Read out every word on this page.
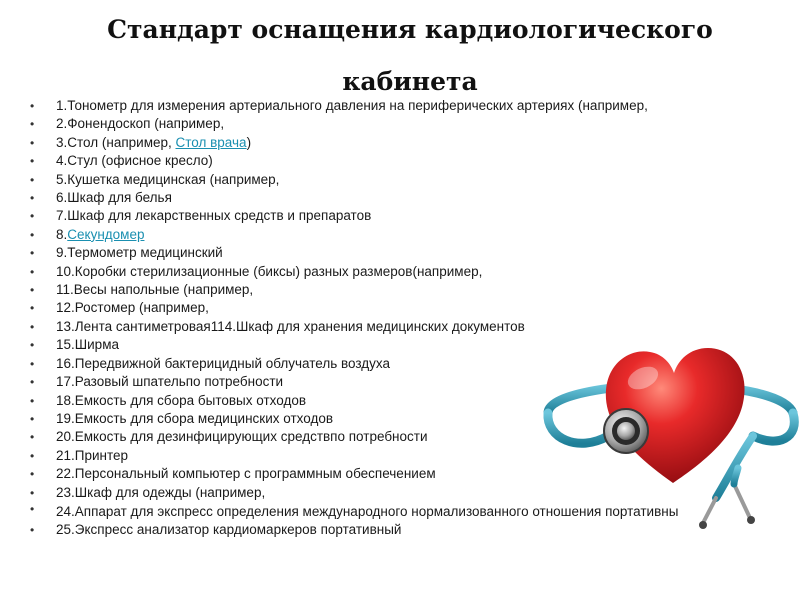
Стандарт оснащения кардиологического
кабинета
• 1.Тонометр для измерения артериального давления на периферических артериях (например,
• 2.Фонендоскоп (например,
• 3.Стол (например, Стол врача)
• 4.Стул (офисное кресло)
• 5.Кушетка медицинская (например,
• 6.Шкаф для белья
• 7.Шкаф для лекарственных средств и препаратов
• 8.Секундомер
• 9.Термометр медицинский
• 10.Коробки стерилизационные (биксы) разных размеров(например,
• 11.Весы напольные (например,
• 12.Ростомер (например,
• 13.Лента сантиметровая114.Шкаф для хранения медицинских документов
• 15.Ширма
• 16.Передвижной бактерицидный облучатель воздуха
• 17.Разовый шпательпо потребности
• 18.Емкость для сбора бытовых отходов
• 19.Емкость для сбора медицинских отходов
• 20.Емкость для дезинфицирующих средствпо потребности
• 21.Принтер
• 22.Персональный компьютер с программным обеспечением
• 23.Шкаф для одежды (например,
• 24.Аппарат для экспресс определения международного нормализованного отношения портативны
• 25.Экспресс анализатор кардиомаркеров портативный
